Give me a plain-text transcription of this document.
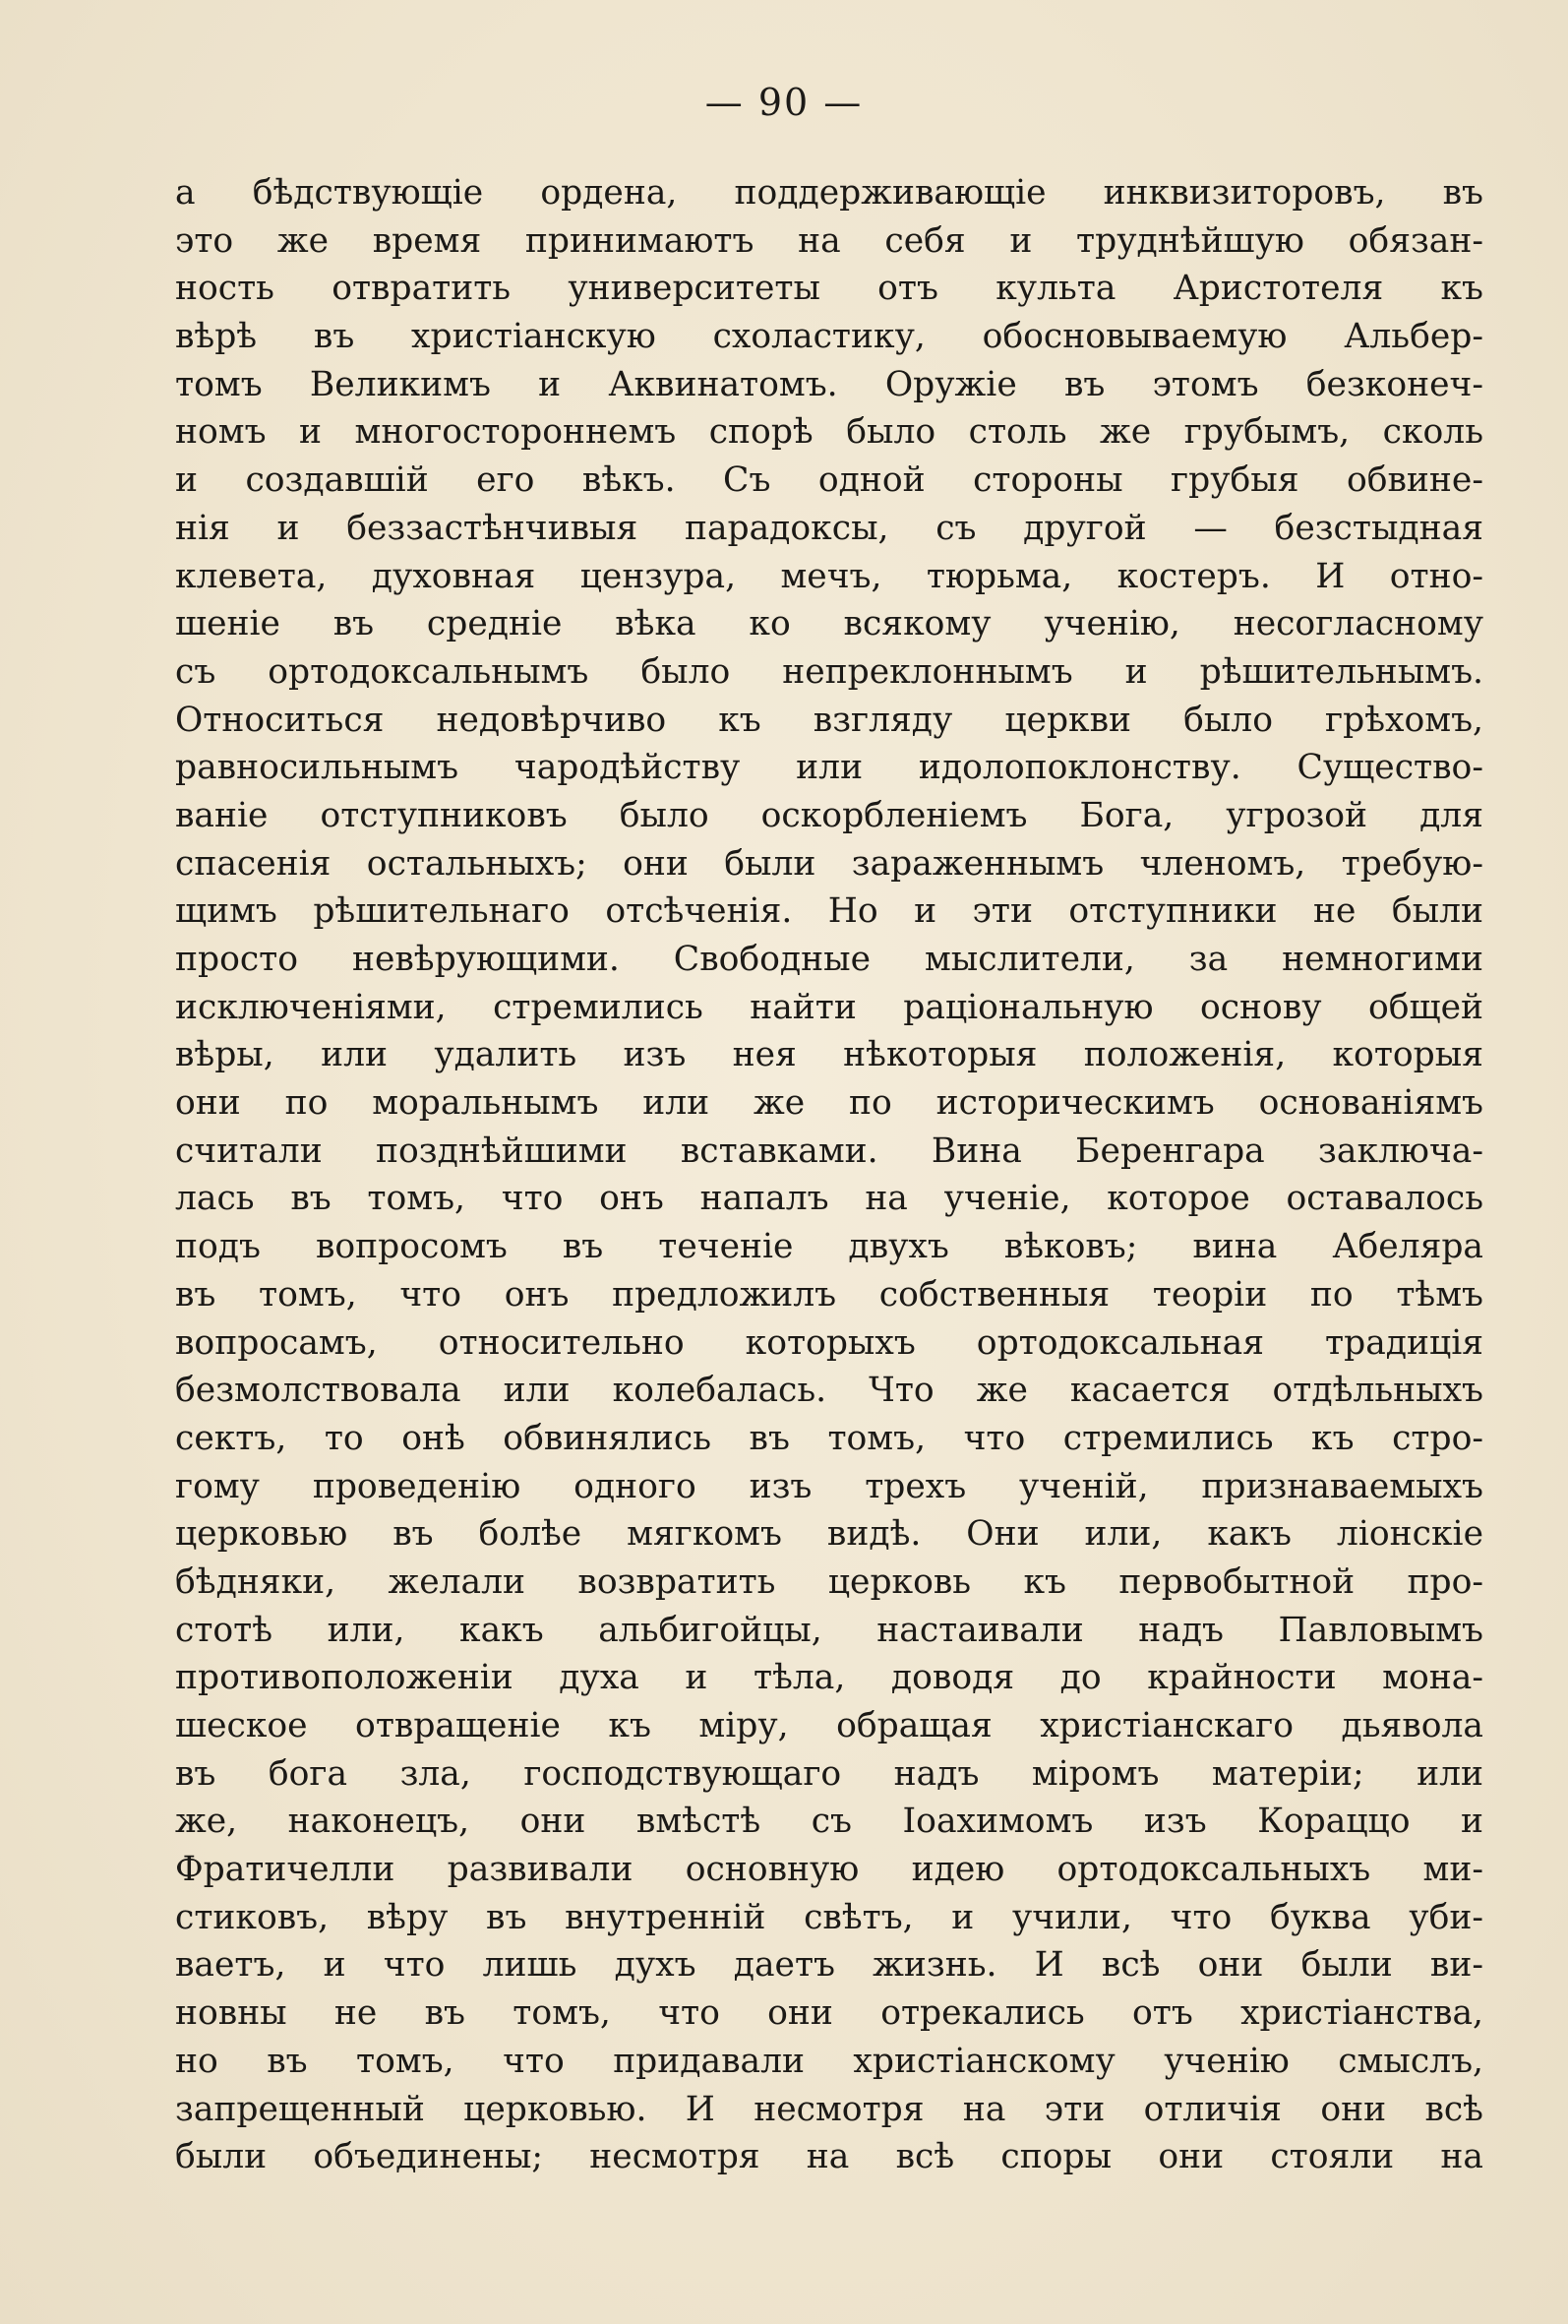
— 90 —
а бѣдствующіе ордена, поддерживающіе инквизиторовъ, въ
это же время принимаютъ на себя и труднѣйшую обязан-
ность отвратить университеты отъ культа Аристотеля къ
вѣрѣ въ христіанскую схоластику, обосновываемую Альбер-
томъ Великимъ и Аквинатомъ. Оружіе въ этомъ безконеч-
номъ и многостороннемъ спорѣ было столь же грубымъ, сколь
и создавшій его вѣкъ. Съ одной стороны грубыя обвине-
нія и беззастѣнчивыя парадоксы, съ другой — безстыдная
клевета, духовная цензура, мечъ, тюрьма, костеръ. И отно-
шеніе въ средніе вѣка ко всякому ученію, несогласному
съ ортодоксальнымъ было непреклоннымъ и рѣшительнымъ.
Относиться недовѣрчиво къ взгляду церкви было грѣхомъ,
равносильнымъ чародѣйству или идолопоклонству. Существо-
ваніе отступниковъ было оскорбленіемъ Бога, угрозой для
спасенія остальныхъ; они были зараженнымъ членомъ, требую-
щимъ рѣшительнаго отсѣченія. Но и эти отступники не были
просто невѣрующими. Свободные мыслители, за немногими
исключеніями, стремились найти раціональную основу общей
вѣры, или удалить изъ нея нѣкоторыя положенія, которыя
они по моральнымъ или же по историческимъ основаніямъ
считали позднѣйшими вставками. Вина Беренгара заключа-
лась въ томъ, что онъ напалъ на ученіе, которое оставалось
подъ вопросомъ въ теченіе двухъ вѣковъ; вина Абеляра
въ томъ, что онъ предложилъ собственныя теоріи по тѣмъ
вопросамъ, относительно которыхъ ортодоксальная традиція
безмолствовала или колебалась. Что же касается отдѣльныхъ
сектъ, то онѣ обвинялись въ томъ, что стремились къ стро-
гому проведенію одного изъ трехъ ученій, признаваемыхъ
церковью въ болѣе мягкомъ видѣ. Они или, какъ ліонскіе
бѣдняки, желали возвратить церковь къ первобытной про-
стотѣ или, какъ альбигойцы, настаивали надъ Павловымъ
противоположеніи духа и тѣла, доводя до крайности мона-
шеское отвращеніе къ міру, обращая христіанскаго дьявола
въ бога зла, господствующаго надъ міромъ матеріи; или
же, наконецъ, они вмѣстѣ съ Іоахимомъ изъ Кораццо и
Фратичелли развивали основную идею ортодоксальныхъ ми-
стиковъ, вѣру въ внутренній свѣтъ, и учили, что буква уби-
ваетъ, и что лишь духъ даетъ жизнь. И всѣ они были ви-
новны не въ томъ, что они отрекались отъ христіанства,
но въ томъ, что придавали христіанскому ученію смыслъ,
запрещенный церковью. И несмотря на эти отличія они всѣ
были объединены; несмотря на всѣ споры они стояли на
